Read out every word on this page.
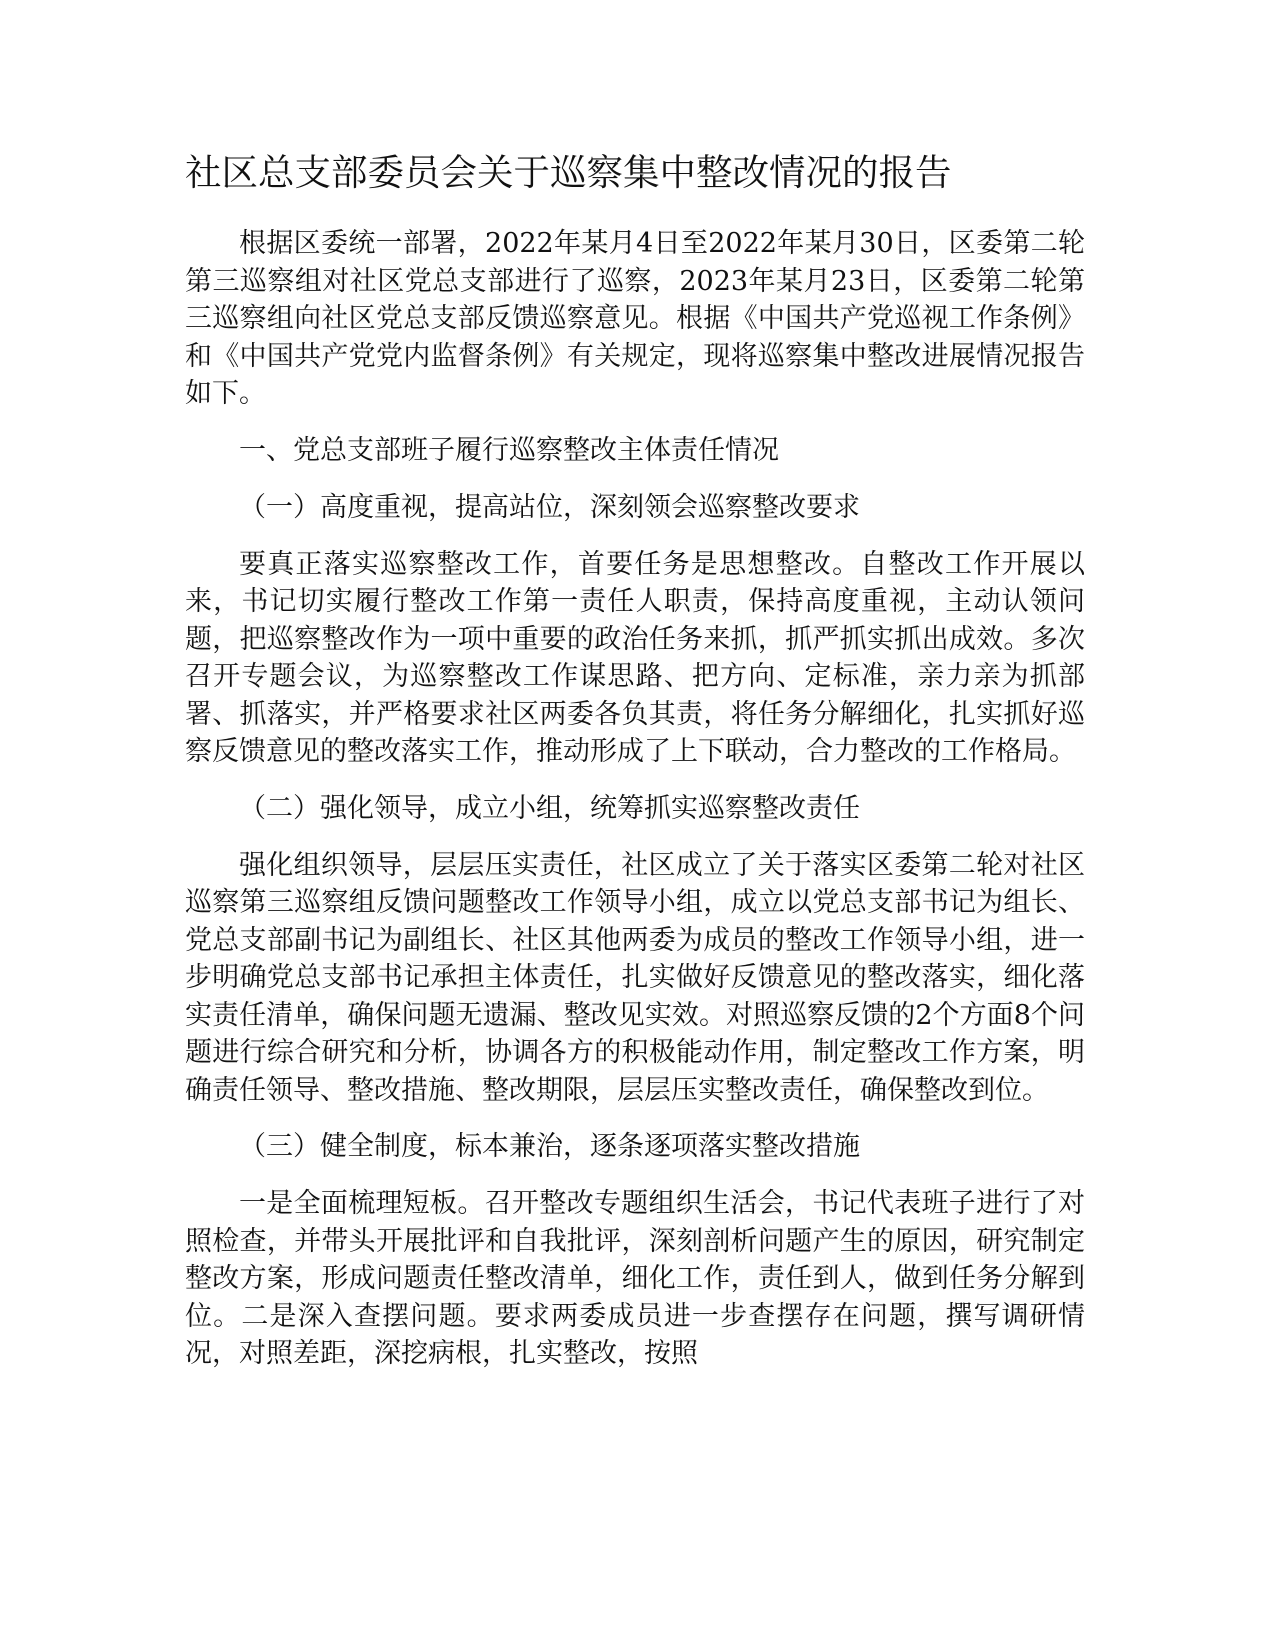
社区总支部委员会关于巡察集中整改情况的报告

根据区委统一部署，2022年某月4日至2022年某月30日，区委第二轮第三巡察组对社区党总支部进行了巡察，2023年某月23日，区委第二轮第三巡察组向社区党总支部反馈巡察意见。根据《中国共产党巡视工作条例》和《中国共产党党内监督条例》有关规定，现将巡察集中整改进展情况报告如下。

一、党总支部班子履行巡察整改主体责任情况

（一）高度重视，提高站位，深刻领会巡察整改要求

要真正落实巡察整改工作，首要任务是思想整改。自整改工作开展以来，书记切实履行整改工作第一责任人职责，保持高度重视，主动认领问题，把巡察整改作为一项中重要的政治任务来抓，抓严抓实抓出成效。多次召开专题会议，为巡察整改工作谋思路、把方向、定标准，亲力亲为抓部署、抓落实，并严格要求社区两委各负其责，将任务分解细化，扎实抓好巡察反馈意见的整改落实工作，推动形成了上下联动，合力整改的工作格局。

（二）强化领导，成立小组，统筹抓实巡察整改责任

强化组织领导，层层压实责任，社区成立了关于落实区委第二轮对社区巡察第三巡察组反馈问题整改工作领导小组，成立以党总支部书记为组长、党总支部副书记为副组长、社区其他两委为成员的整改工作领导小组，进一步明确党总支部书记承担主体责任，扎实做好反馈意见的整改落实，细化落实责任清单，确保问题无遗漏、整改见实效。对照巡察反馈的2个方面8个问题进行综合研究和分析，协调各方的积极能动作用，制定整改工作方案，明确责任领导、整改措施、整改期限，层层压实整改责任，确保整改到位。

（三）健全制度，标本兼治，逐条逐项落实整改措施

一是全面梳理短板。召开整改专题组织生活会，书记代表班子进行了对照检查，并带头开展批评和自我批评，深刻剖析问题产生的原因，研究制定整改方案，形成问题责任整改清单，细化工作，责任到人，做到任务分解到位。二是深入查摆问题。要求两委成员进一步查摆存在问题，撰写调研情况，对照差距，深挖病根，扎实整改，按照
